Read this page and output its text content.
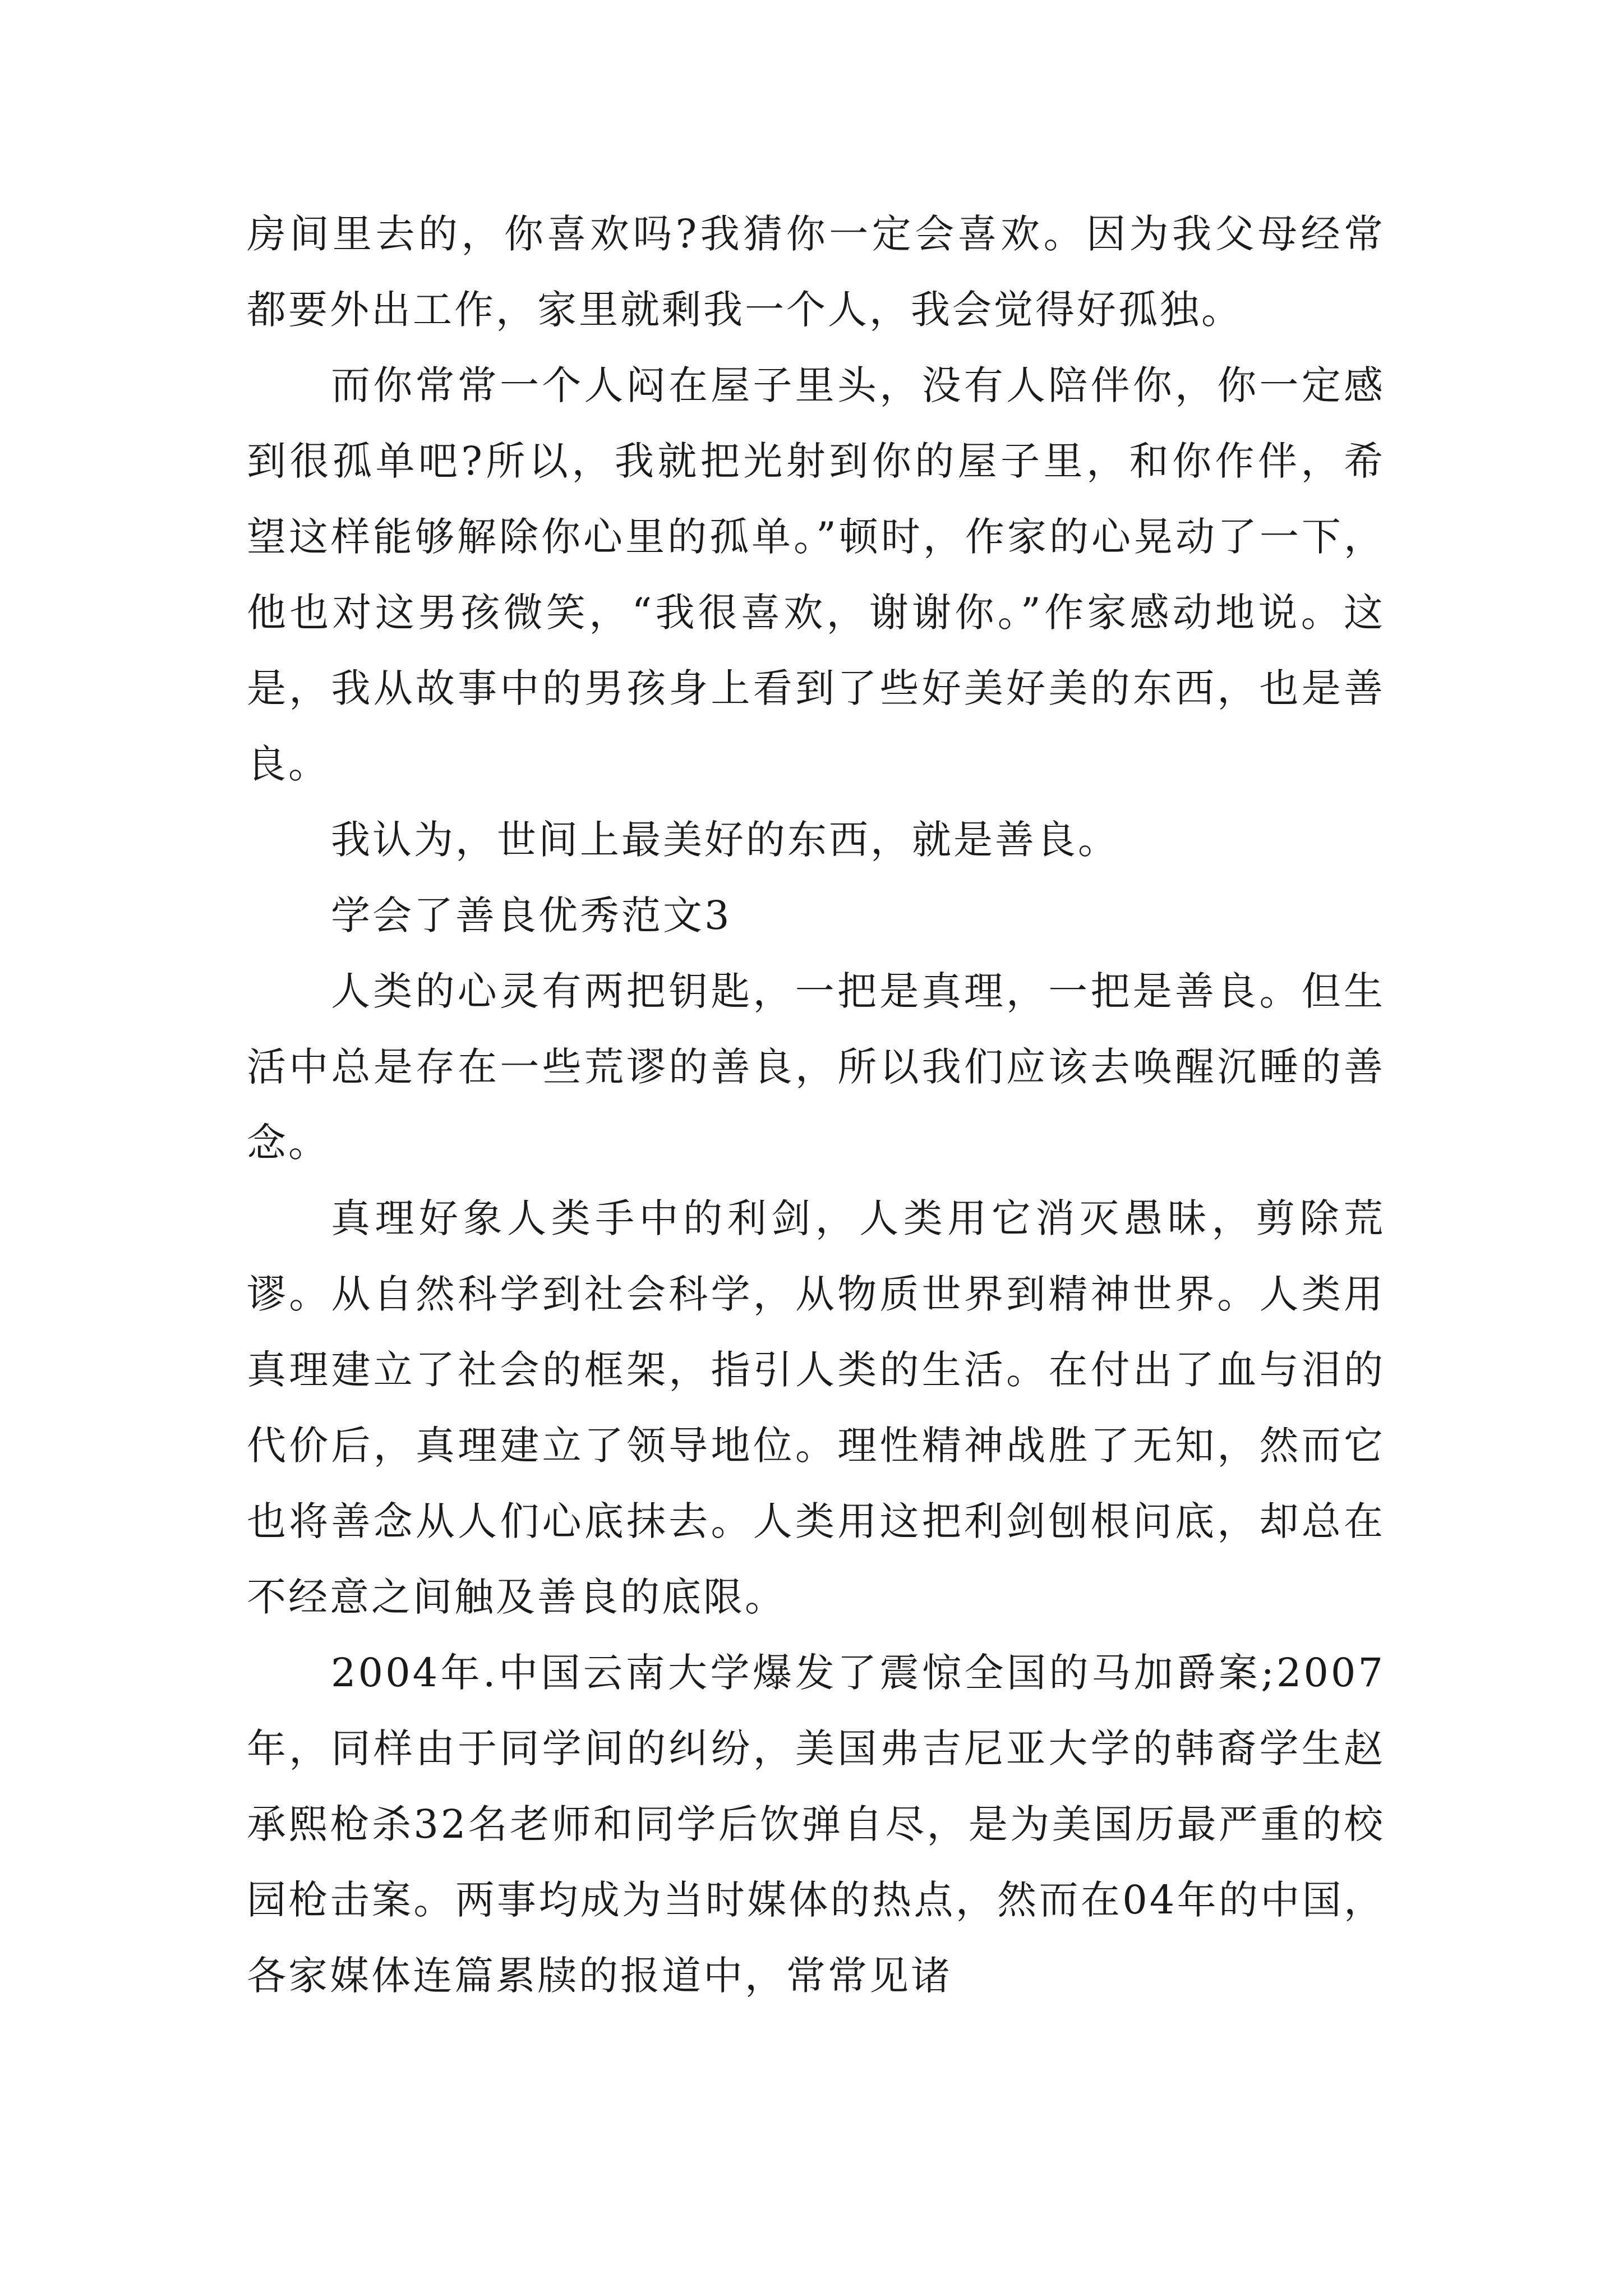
房间里去的，你喜欢吗?我猜你一定会喜欢。因为我父母经常都要外出工作，家里就剩我一个人，我会觉得好孤独。

而你常常一个人闷在屋子里头，没有人陪伴你，你一定感到很孤单吧?所以，我就把光射到你的屋子里，和你作伴，希望这样能够解除你心里的孤单。”顿时，作家的心晃动了一下，他也对这男孩微笑，“我很喜欢，谢谢你。”作家感动地说。这是，我从故事中的男孩身上看到了些好美好美的东西，也是善良。

我认为，世间上最美好的东西，就是善良。

学会了善良优秀范文3

人类的心灵有两把钥匙，一把是真理，一把是善良。但生活中总是存在一些荒谬的善良，所以我们应该去唤醒沉睡的善念。

真理好象人类手中的利剑，人类用它消灭愚昧，剪除荒谬。从自然科学到社会科学，从物质世界到精神世界。人类用真理建立了社会的框架，指引人类的生活。在付出了血与泪的代价后，真理建立了领导地位。理性精神战胜了无知，然而它也将善念从人们心底抹去。人类用这把利剑刨根问底，却总在不经意之间触及善良的底限。

2004年.中国云南大学爆发了震惊全国的马加爵案;2007年，同样由于同学间的纠纷，美国弗吉尼亚大学的韩裔学生赵承熙枪杀32名老师和同学后饮弹自尽，是为美国历最严重的校园枪击案。两事均成为当时媒体的热点，然而在04年的中国，各家媒体连篇累牍的报道中，常常见诸
